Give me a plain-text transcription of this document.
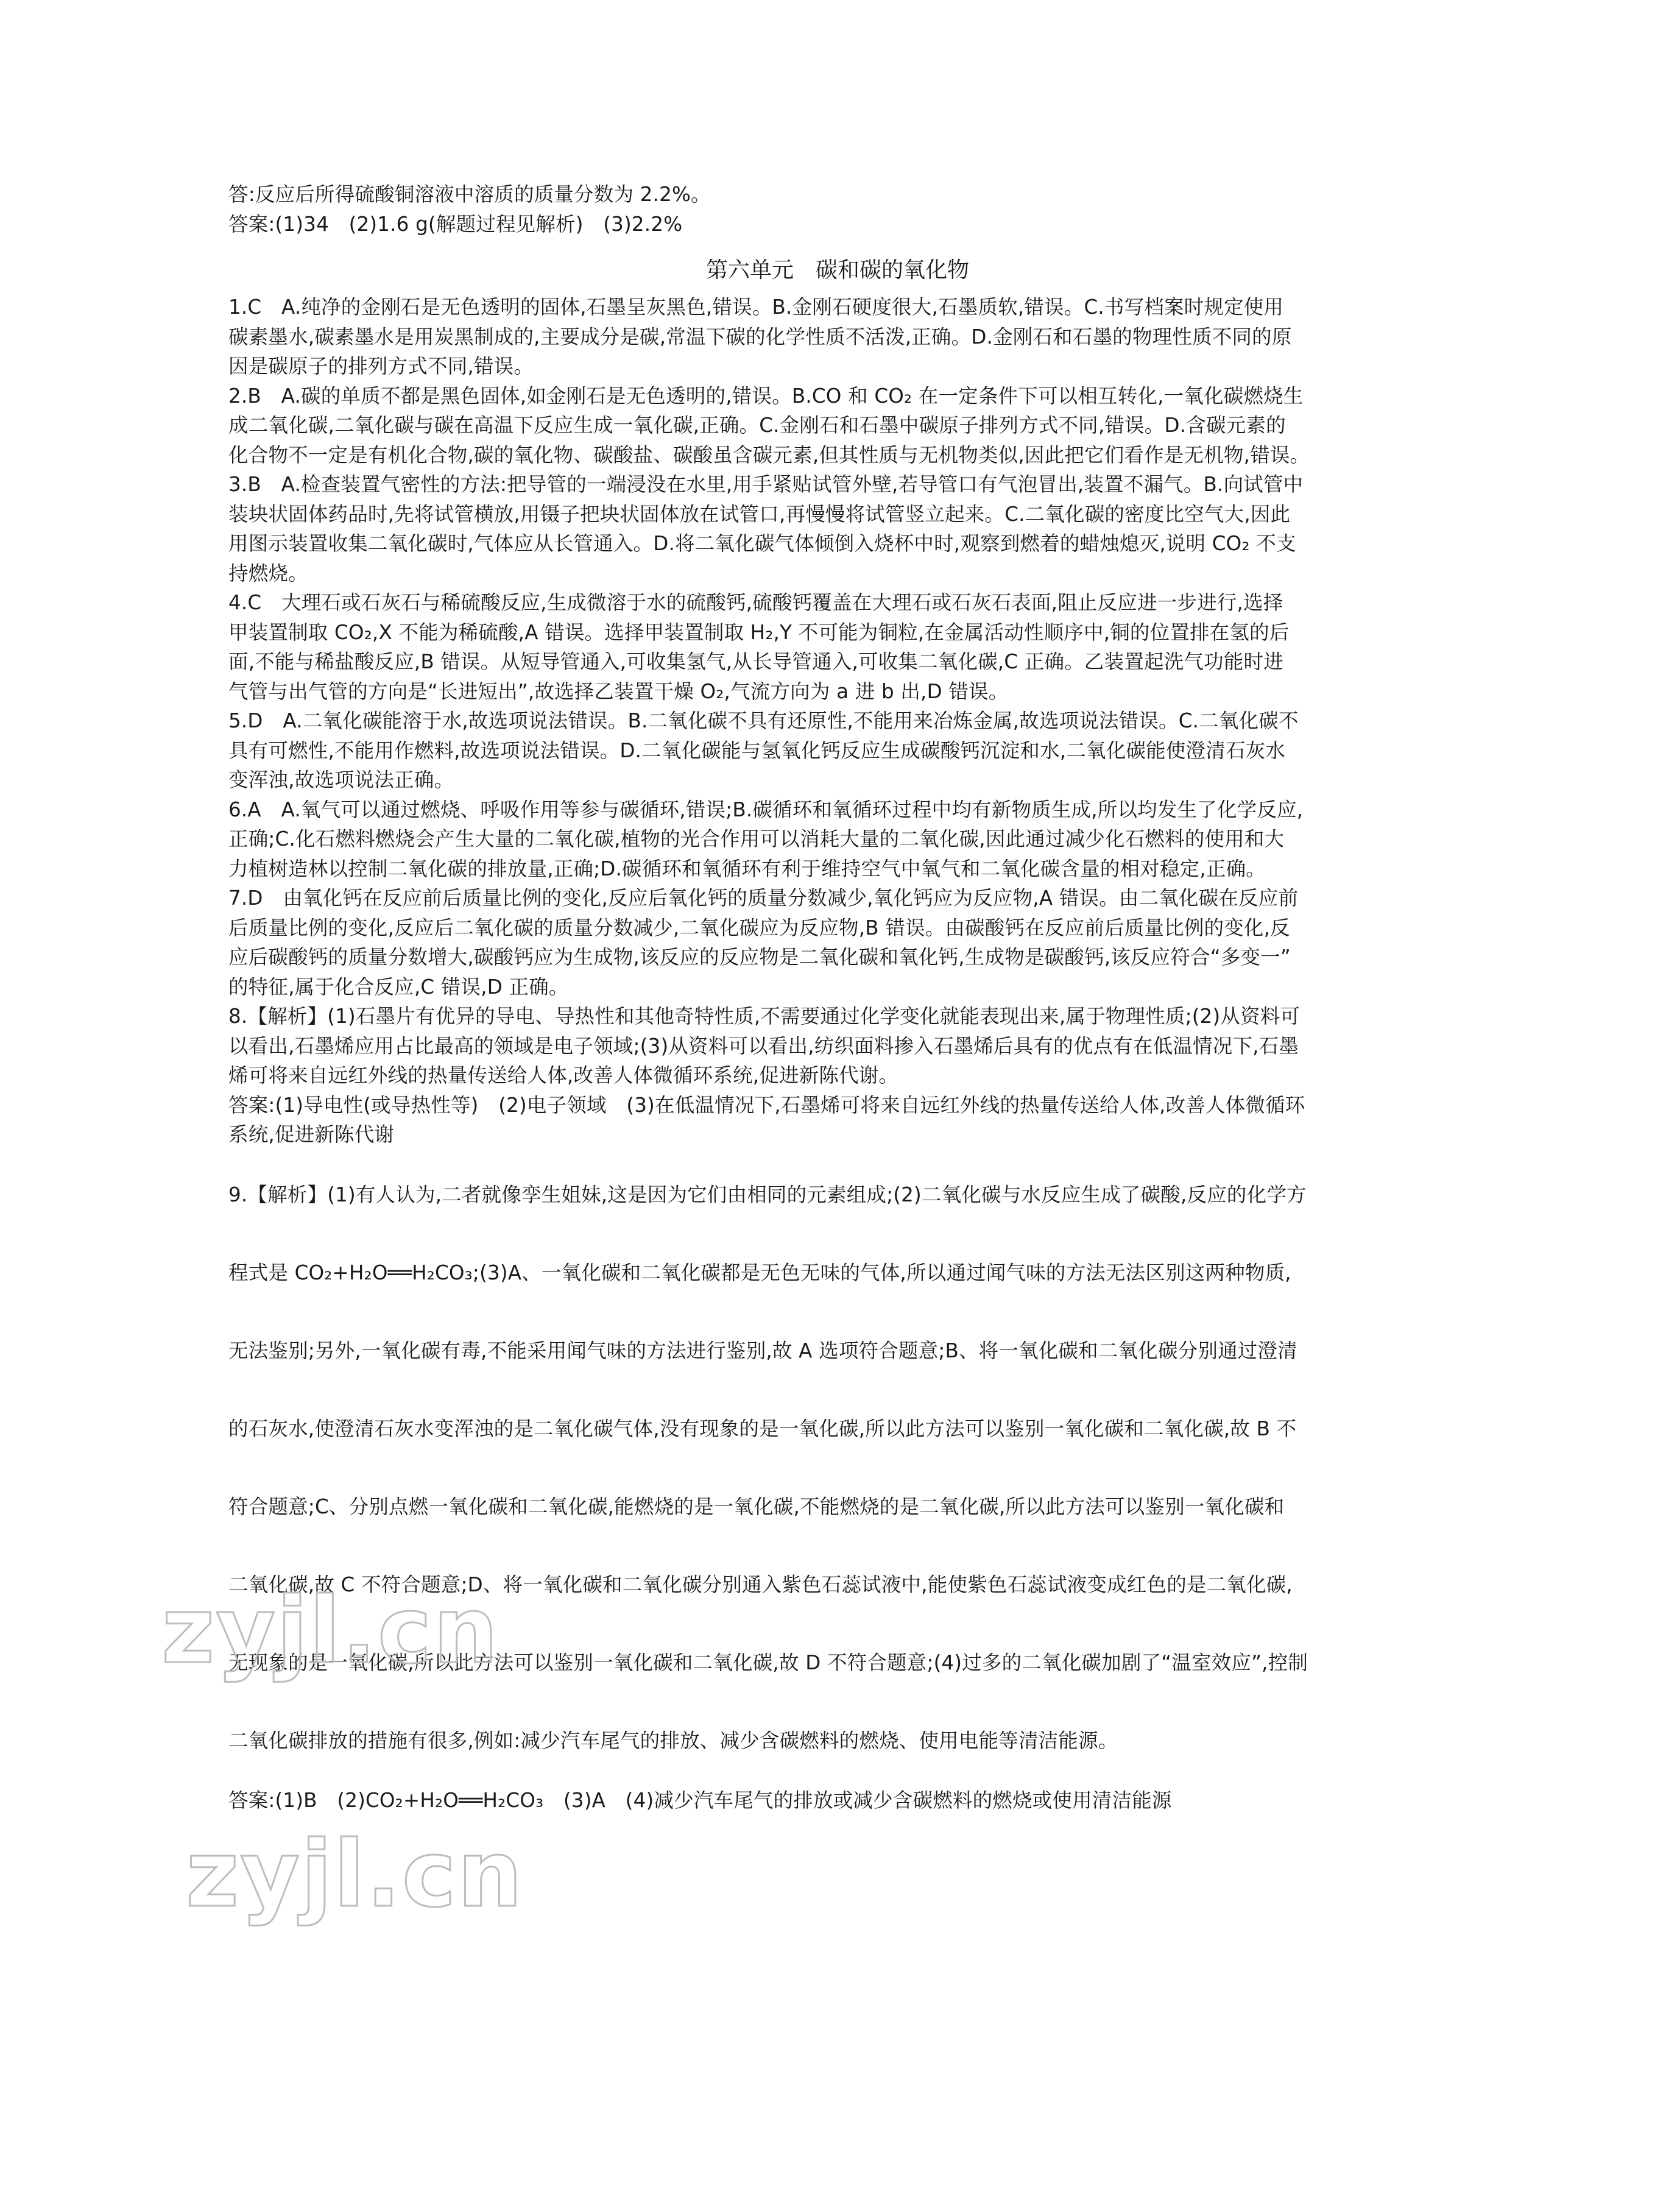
答:反应后所得硫酸铜溶液中溶质的质量分数为 2.2%。
答案:(1)34　(2)1.6 g(解题过程见解析)　(3)2.2%
第六单元　碳和碳的氧化物
1.C　A.纯净的金刚石是无色透明的固体,石墨呈灰黑色,错误。B.金刚石硬度很大,石墨质软,错误。C.书写档案时规定使用
碳素墨水,碳素墨水是用炭黑制成的,主要成分是碳,常温下碳的化学性质不活泼,正确。D.金刚石和石墨的物理性质不同的原
因是碳原子的排列方式不同,错误。
2.B　A.碳的单质不都是黑色固体,如金刚石是无色透明的,错误。B.CO 和 CO₂ 在一定条件下可以相互转化,一氧化碳燃烧生
成二氧化碳,二氧化碳与碳在高温下反应生成一氧化碳,正确。C.金刚石和石墨中碳原子排列方式不同,错误。D.含碳元素的
化合物不一定是有机化合物,碳的氧化物、碳酸盐、碳酸虽含碳元素,但其性质与无机物类似,因此把它们看作是无机物,错误。
3.B　A.检查装置气密性的方法:把导管的一端浸没在水里,用手紧贴试管外壁,若导管口有气泡冒出,装置不漏气。B.向试管中
装块状固体药品时,先将试管横放,用镊子把块状固体放在试管口,再慢慢将试管竖立起来。C.二氧化碳的密度比空气大,因此
用图示装置收集二氧化碳时,气体应从长管通入。D.将二氧化碳气体倾倒入烧杯中时,观察到燃着的蜡烛熄灭,说明 CO₂ 不支
持燃烧。
4.C　大理石或石灰石与稀硫酸反应,生成微溶于水的硫酸钙,硫酸钙覆盖在大理石或石灰石表面,阻止反应进一步进行,选择
甲装置制取 CO₂,X 不能为稀硫酸,A 错误。选择甲装置制取 H₂,Y 不可能为铜粒,在金属活动性顺序中,铜的位置排在氢的后
面,不能与稀盐酸反应,B 错误。从短导管通入,可收集氢气,从长导管通入,可收集二氧化碳,C 正确。乙装置起洗气功能时进
气管与出气管的方向是“长进短出”,故选择乙装置干燥 O₂,气流方向为 a 进 b 出,D 错误。
5.D　A.二氧化碳能溶于水,故选项说法错误。B.二氧化碳不具有还原性,不能用来冶炼金属,故选项说法错误。C.二氧化碳不
具有可燃性,不能用作燃料,故选项说法错误。D.二氧化碳能与氢氧化钙反应生成碳酸钙沉淀和水,二氧化碳能使澄清石灰水
变浑浊,故选项说法正确。
6.A　A.氧气可以通过燃烧、呼吸作用等参与碳循环,错误;B.碳循环和氧循环过程中均有新物质生成,所以均发生了化学反应,
正确;C.化石燃料燃烧会产生大量的二氧化碳,植物的光合作用可以消耗大量的二氧化碳,因此通过减少化石燃料的使用和大
力植树造林以控制二氧化碳的排放量,正确;D.碳循环和氧循环有利于维持空气中氧气和二氧化碳含量的相对稳定,正确。
7.D　由氧化钙在反应前后质量比例的变化,反应后氧化钙的质量分数减少,氧化钙应为反应物,A 错误。由二氧化碳在反应前
后质量比例的变化,反应后二氧化碳的质量分数减少,二氧化碳应为反应物,B 错误。由碳酸钙在反应前后质量比例的变化,反
应后碳酸钙的质量分数增大,碳酸钙应为生成物,该反应的反应物是二氧化碳和氧化钙,生成物是碳酸钙,该反应符合“多变一”
的特征,属于化合反应,C 错误,D 正确。
8.【解析】(1)石墨片有优异的导电、导热性和其他奇特性质,不需要通过化学变化就能表现出来,属于物理性质;(2)从资料可
以看出,石墨烯应用占比最高的领域是电子领域;(3)从资料可以看出,纺织面料掺入石墨烯后具有的优点有在低温情况下,石墨
烯可将来自远红外线的热量传送给人体,改善人体微循环系统,促进新陈代谢。
答案:(1)导电性(或导热性等)　(2)电子领域　(3)在低温情况下,石墨烯可将来自远红外线的热量传送给人体,改善人体微循环
系统,促进新陈代谢
9.【解析】(1)有人认为,二者就像孪生姐妹,这是因为它们由相同的元素组成;(2)二氧化碳与水反应生成了碳酸,反应的化学方
程式是 CO₂+H₂O══H₂CO₃;(3)A、一氧化碳和二氧化碳都是无色无味的气体,所以通过闻气味的方法无法区别这两种物质,
无法鉴别;另外,一氧化碳有毒,不能采用闻气味的方法进行鉴别,故 A 选项符合题意;B、将一氧化碳和二氧化碳分别通过澄清
的石灰水,使澄清石灰水变浑浊的是二氧化碳气体,没有现象的是一氧化碳,所以此方法可以鉴别一氧化碳和二氧化碳,故 B 不
符合题意;C、分别点燃一氧化碳和二氧化碳,能燃烧的是一氧化碳,不能燃烧的是二氧化碳,所以此方法可以鉴别一氧化碳和
二氧化碳,故 C 不符合题意;D、将一氧化碳和二氧化碳分别通入紫色石蕊试液中,能使紫色石蕊试液变成红色的是二氧化碳,
无现象的是一氧化碳,所以此方法可以鉴别一氧化碳和二氧化碳,故 D 不符合题意;(4)过多的二氧化碳加剧了“温室效应”,控制
二氧化碳排放的措施有很多,例如:减少汽车尾气的排放、减少含碳燃料的燃烧、使用电能等清洁能源。
答案:(1)B　(2)CO₂+H₂O══H₂CO₃　(3)A　(4)减少汽车尾气的排放或减少含碳燃料的燃烧或使用清洁能源
zyjl.cn
zyjl.cn
